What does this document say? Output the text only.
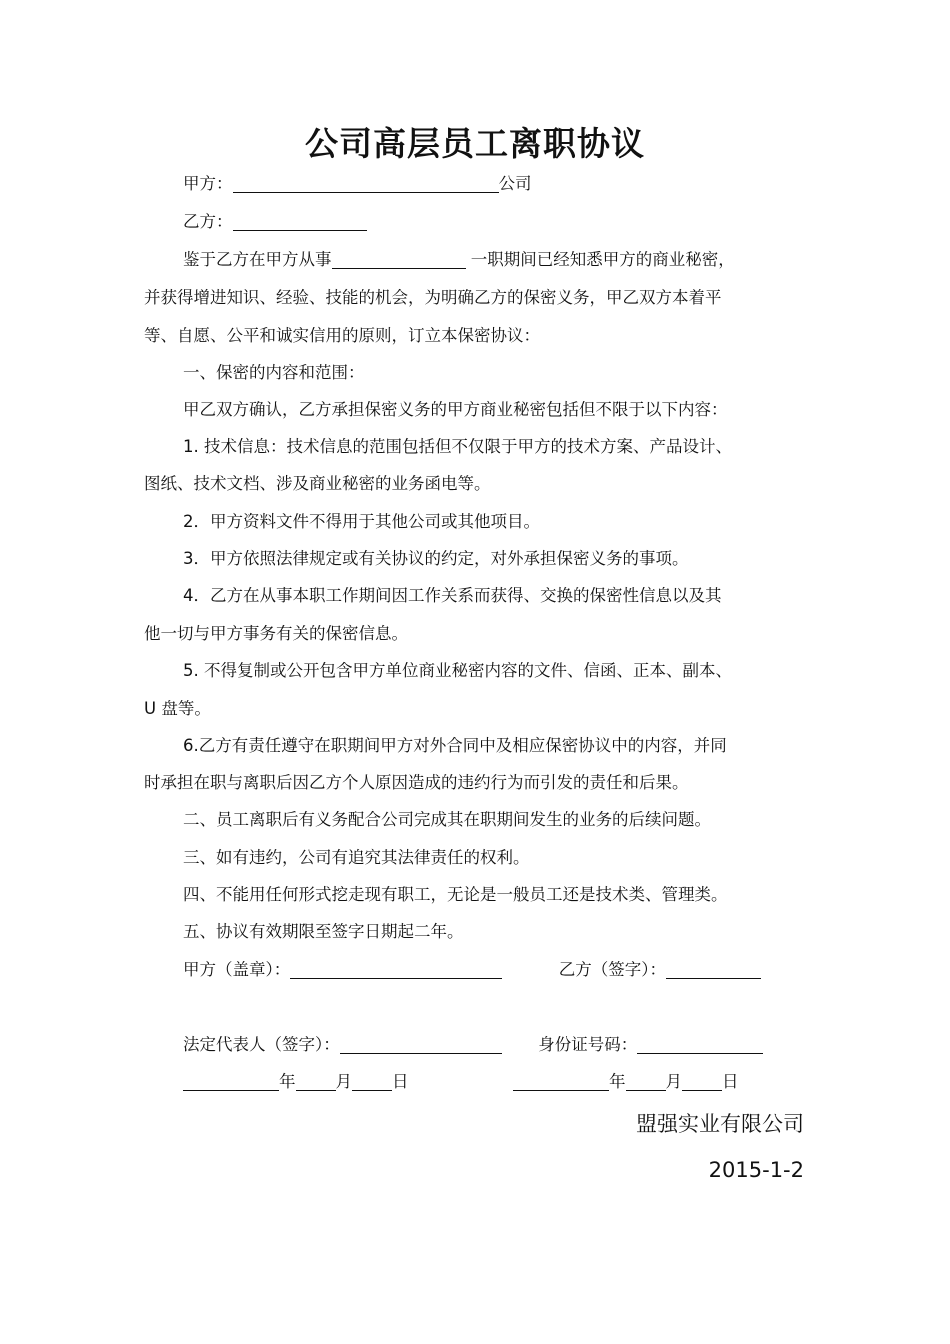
公司高层员工离职协议
甲方：	公司
乙方：
鉴于乙方在甲方从事	一职期间已经知悉甲方的商业秘密，
并获得增进知识、经验、技能的机会，为明确乙方的保密义务，甲乙双方本着平
等、自愿、公平和诚实信用的原则，订立本保密协议：
一、保密的内容和范围：
甲乙双方确认，乙方承担保密义务的甲方商业秘密包括但不限于以下内容：
1. 技术信息：技术信息的范围包括但不仅限于甲方的技术方案、产品设计、
图纸、技术文档、涉及商业秘密的业务函电等。
2．甲方资料文件不得用于其他公司或其他项目。
3．甲方依照法律规定或有关协议的约定，对外承担保密义务的事项。
4．乙方在从事本职工作期间因工作关系而获得、交换的保密性信息以及其
他一切与甲方事务有关的保密信息。
5. 不得复制或公开包含甲方单位商业秘密内容的文件、信函、正本、副本、
U 盘等。
6.乙方有责任遵守在职期间甲方对外合同中及相应保密协议中的内容，并同
时承担在职与离职后因乙方个人原因造成的违约行为而引发的责任和后果。
二、员工离职后有义务配合公司完成其在职期间发生的业务的后续问题。
三、如有违约，公司有追究其法律责任的权利。
四、不能用任何形式挖走现有职工，无论是一般员工还是技术类、管理类。
五、协议有效期限至签字日期起二年。
甲方（盖章）：	乙方（签字）：
法定代表人（签字）：	身份证号码：
年 月 日	年 月 日
盟强实业有限公司
2015-1-2
